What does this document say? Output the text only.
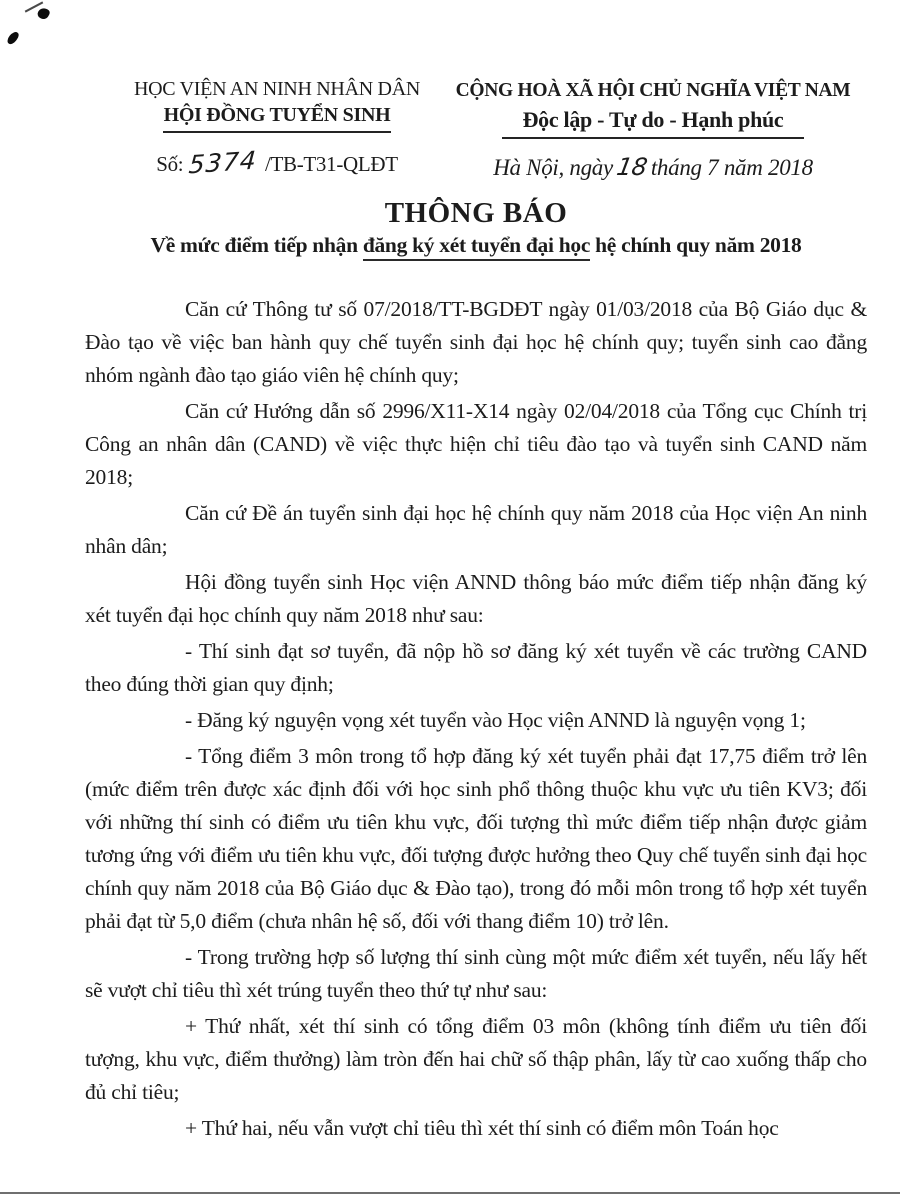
HỌC VIỆN AN NINH NHÂN DÂN
HỘI ĐỒNG TUYỂN SINH
Số: 5374 /TB-T31-QLĐT
CỘNG HOÀ XÃ HỘI CHỦ NGHĨA VIỆT NAM
Độc lập - Tự do - Hạnh phúc
Hà Nội, ngày18tháng 7 năm 2018
THÔNG BÁO
Về mức điểm tiếp nhận đăng ký xét tuyển đại học hệ chính quy năm 2018

Căn cứ Thông tư số 07/2018/TT-BGDĐT ngày 01/03/2018 của Bộ Giáo dục & Đào tạo về việc ban hành quy chế tuyển sinh đại học hệ chính quy; tuyển sinh cao đẳng nhóm ngành đào tạo giáo viên hệ chính quy;

Căn cứ Hướng dẫn số 2996/X11-X14 ngày 02/04/2018 của Tổng cục Chính trị Công an nhân dân (CAND) về việc thực hiện chỉ tiêu đào tạo và tuyển sinh CAND năm 2018;

Căn cứ Đề án tuyển sinh đại học hệ chính quy năm 2018 của Học viện An ninh nhân dân;

Hội đồng tuyển sinh Học viện ANND thông báo mức điểm tiếp nhận đăng ký xét tuyển đại học chính quy năm 2018 như sau:

- Thí sinh đạt sơ tuyển, đã nộp hồ sơ đăng ký xét tuyển về các trường CAND theo đúng thời gian quy định;

- Đăng ký nguyện vọng xét tuyển vào Học viện ANND là nguyện vọng 1;

- Tổng điểm 3 môn trong tổ hợp đăng ký xét tuyển phải đạt 17,75 điểm trở lên (mức điểm trên được xác định đối với học sinh phổ thông thuộc khu vực ưu tiên KV3; đối với những thí sinh có điểm ưu tiên khu vực, đối tượng thì mức điểm tiếp nhận được giảm tương ứng với điểm ưu tiên khu vực, đối tượng được hưởng theo Quy chế tuyển sinh đại học chính quy năm 2018 của Bộ Giáo dục & Đào tạo), trong đó mỗi môn trong tổ hợp xét tuyển phải đạt từ 5,0 điểm (chưa nhân hệ số, đối với thang điểm 10) trở lên.

- Trong trường hợp số lượng thí sinh cùng một mức điểm xét tuyển, nếu lấy hết sẽ vượt chỉ tiêu thì xét trúng tuyển theo thứ tự như sau:

+ Thứ nhất, xét thí sinh có tổng điểm 03 môn (không tính điểm ưu tiên đối tượng, khu vực, điểm thưởng) làm tròn đến hai chữ số thập phân, lấy từ cao xuống thấp cho đủ chỉ tiêu;

+ Thứ hai, nếu vẫn vượt chỉ tiêu thì xét thí sinh có điểm môn Toán học
